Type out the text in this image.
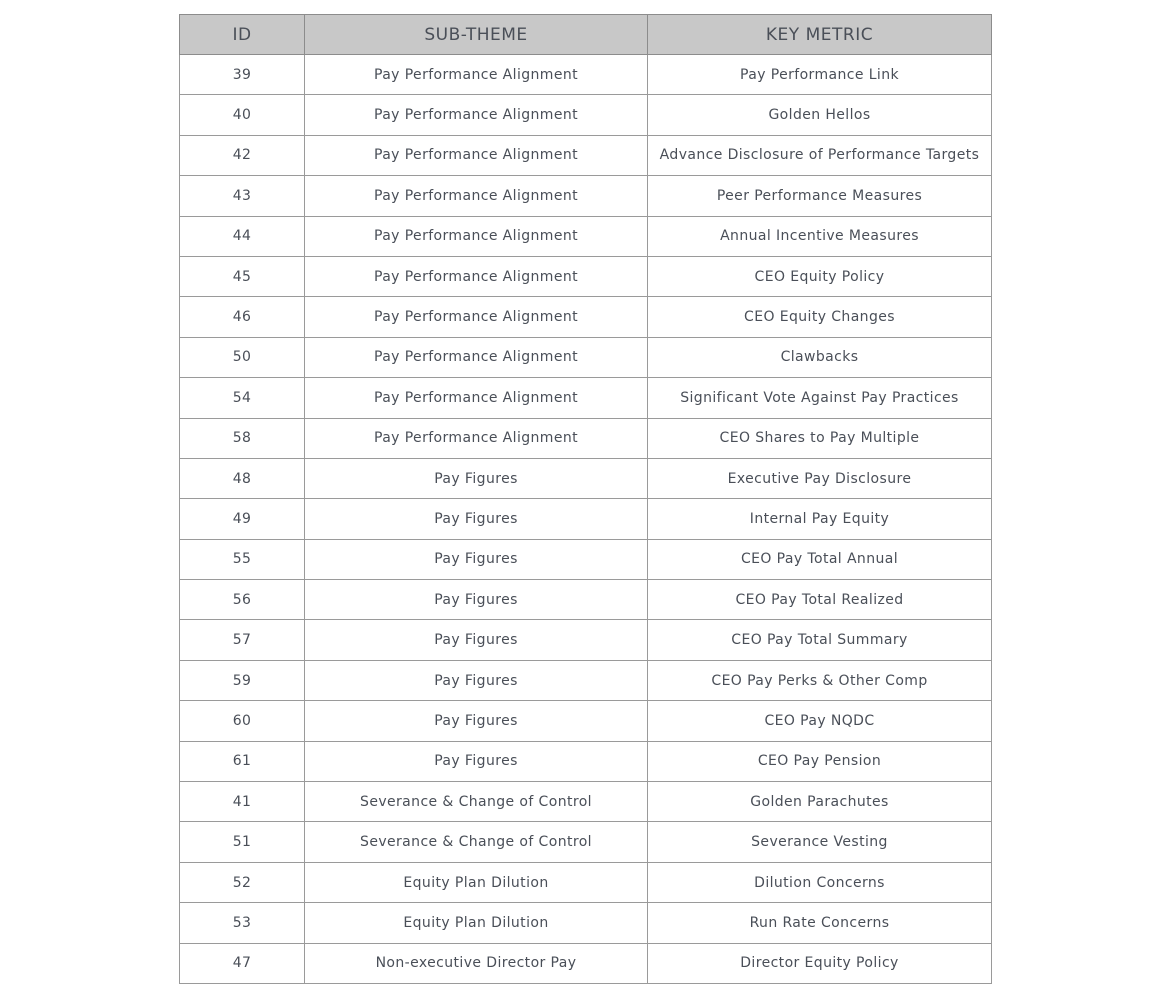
ID	SUB-THEME	KEY METRIC
39	Pay Performance Alignment	Pay Performance Link
40	Pay Performance Alignment	Golden Hellos
42	Pay Performance Alignment	Advance Disclosure of Performance Targets
43	Pay Performance Alignment	Peer Performance Measures
44	Pay Performance Alignment	Annual Incentive Measures
45	Pay Performance Alignment	CEO Equity Policy
46	Pay Performance Alignment	CEO Equity Changes
50	Pay Performance Alignment	Clawbacks
54	Pay Performance Alignment	Significant Vote Against Pay Practices
58	Pay Performance Alignment	CEO Shares to Pay Multiple
48	Pay Figures	Executive Pay Disclosure
49	Pay Figures	Internal Pay Equity
55	Pay Figures	CEO Pay Total Annual
56	Pay Figures	CEO Pay Total Realized
57	Pay Figures	CEO Pay Total Summary
59	Pay Figures	CEO Pay Perks & Other Comp
60	Pay Figures	CEO Pay NQDC
61	Pay Figures	CEO Pay Pension
41	Severance & Change of Control	Golden Parachutes
51	Severance & Change of Control	Severance Vesting
52	Equity Plan Dilution	Dilution Concerns
53	Equity Plan Dilution	Run Rate Concerns
47	Non-executive Director Pay	Director Equity Policy
